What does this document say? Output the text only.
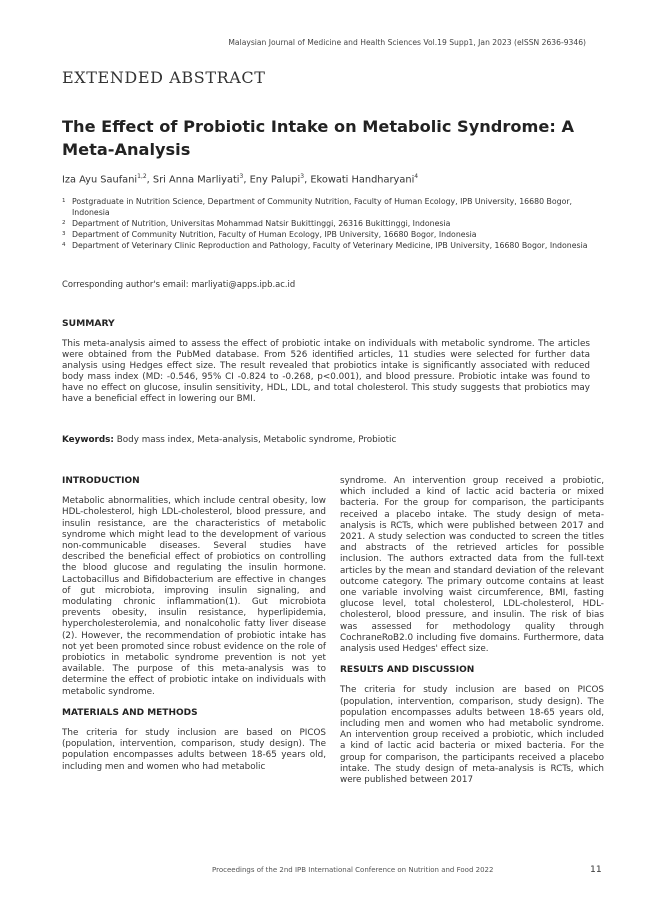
Malaysian Journal of Medicine and Health Sciences Vol.19 Supp1, Jan 2023 (eISSN 2636-9346)
EXTENDED ABSTRACT
The Effect of Probiotic Intake on Metabolic Syndrome: A Meta-Analysis
Iza Ayu Saufani$^{1,2}$, Sri Anna Marliyati$^3$, Eny Palupi$^3$, Ekowati Handharyani$^4$
1 Postgraduate in Nutrition Science, Department of Community Nutrition, Faculty of Human Ecology, IPB University, 16680 Bogor, Indonesia
2 Department of Nutrition, Universitas Mohammad Natsir Bukittinggi, 26316 Bukittinggi, Indonesia
3 Department of Community Nutrition, Faculty of Human Ecology, IPB University, 16680 Bogor, Indonesia
4 Department of Veterinary Clinic Reproduction and Pathology, Faculty of Veterinary Medicine, IPB University, 16680 Bogor, Indonesia
Corresponding author's email: marliyati@apps.ipb.ac.id
SUMMARY
This meta-analysis aimed to assess the effect of probiotic intake on individuals with metabolic syndrome. The articles were obtained from the PubMed database. From 526 identified articles, 11 studies were selected for further data analysis using Hedges effect size. The result revealed that probiotics intake is significantly associated with reduced body mass index (MD: -0.546, 95% CI -0.824 to -0.268, p<0.001), and blood pressure. Probiotic intake was found to have no effect on glucose, insulin sensitivity, HDL, LDL, and total cholesterol. This study suggests that probiotics may have a beneficial effect in lowering our BMI.
Keywords: Body mass index, Meta-analysis, Metabolic syndrome, Probiotic
INTRODUCTION

Metabolic abnormalities, which include central obesity, low HDL-cholesterol, high LDL-cholesterol, blood pressure, and insulin resistance, are the characteristics of metabolic syndrome which might lead to the development of various non-communicable diseases. Several studies have described the beneficial effect of probiotics on controlling the blood glucose and regulating the insulin hormone. Lactobacillus and Bifidobacterium are effective in changes of gut microbiota, improving insulin signaling, and modulating chronic inflammation(1). Gut microbiota prevents obesity, insulin resistance, hyperlipidemia, hypercholesterolemia, and nonalcoholic fatty liver disease (2). However, the recommendation of probiotic intake has not yet been promoted since robust evidence on the role of probiotics in metabolic syndrome prevention is not yet available. The purpose of this meta-analysis was to determine the effect of probiotic intake on individuals with metabolic syndrome.

MATERIALS AND METHODS

The criteria for study inclusion are based on PICOS (population, intervention, comparison, study design). The population encompasses adults between 18-65 years old, including men and women who had metabolic

syndrome. An intervention group received a probiotic, which included a kind of lactic acid bacteria or mixed bacteria. For the group for comparison, the participants received a placebo intake. The study design of meta-analysis is RCTs, which were published between 2017 and 2021. A study selection was conducted to screen the titles and abstracts of the retrieved articles for possible inclusion. The authors extracted data from the full-text articles by the mean and standard deviation of the relevant outcome category. The primary outcome contains at least one variable involving waist circumference, BMI, fasting glucose level, total cholesterol, LDL-cholesterol, HDL-cholesterol, blood pressure, and insulin. The risk of bias was assessed for methodology quality through CochraneRoB2.0 including five domains. Furthermore, data analysis used Hedges' effect size.

RESULTS AND DISCUSSION

The criteria for study inclusion are based on PICOS (population, intervention, comparison, study design). The population encompasses adults between 18-65 years old, including men and women who had metabolic syndrome. An intervention group received a probiotic, which included a kind of lactic acid bacteria or mixed bacteria. For the group for comparison, the participants received a placebo intake. The study design of meta-analysis is RCTs, which were published between 2017

Proceedings of the 2nd IPB International Conference on Nutrition and Food 2022	11
